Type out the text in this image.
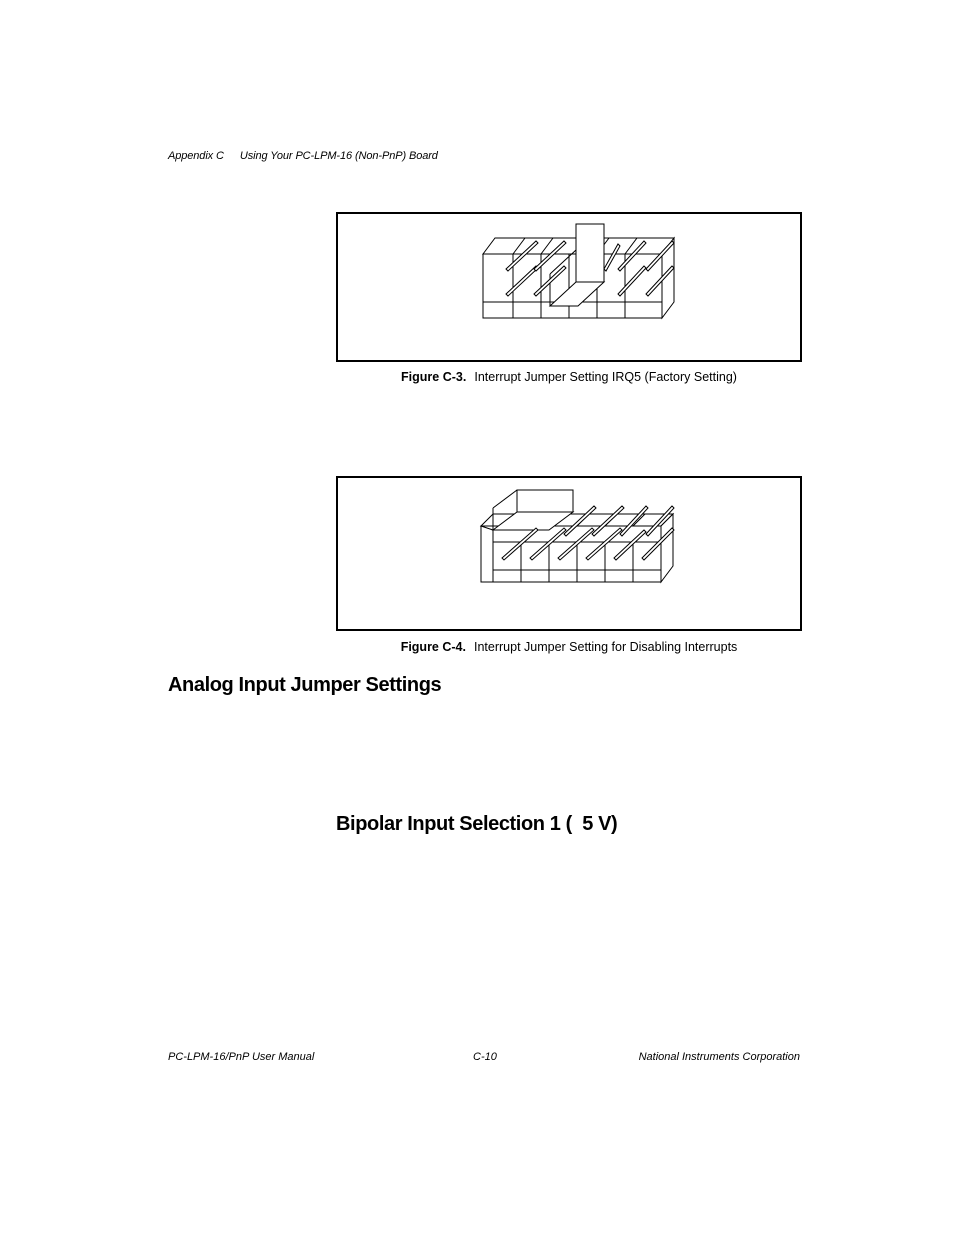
Appendix C Using Your PC-LPM-16 (Non-PnP) Board
Figure C-3. Interrupt Jumper Setting IRQ5 (Factory Setting)
Figure C-4. Interrupt Jumper Setting for Disabling Interrupts
Analog Input Jumper Settings
Bipolar Input Selection 1 (  5 V)
PC-LPM-16/PnP User Manual	C-10	National Instruments Corporation
